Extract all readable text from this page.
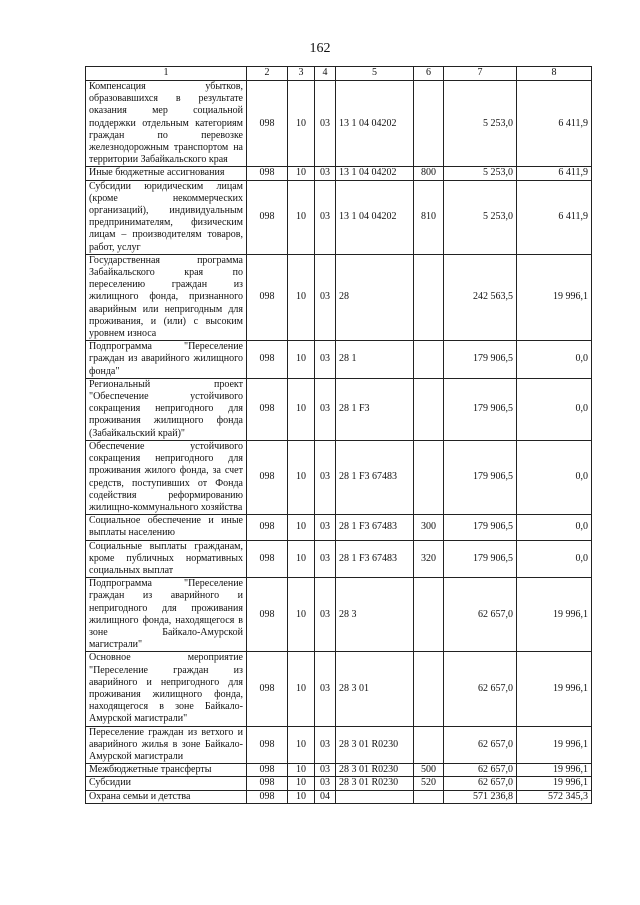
162
1	2	3	4	5	6	7	8
Компенсация убытков, образовавшихся в результате оказания мер социальной поддержки отдельным категориям граждан по перевозке железнодорожным транспортом на территории Забайкальского края	098	10	03	13 1 04 04202		5 253,0	6 411,9
Иные бюджетные ассигнования	098	10	03	13 1 04 04202	800	5 253,0	6 411,9
Субсидии юридическим лицам (кроме некоммерческих организаций), индивидуальным предпринимателям, физическим лицам – производителям товаров, работ, услуг	098	10	03	13 1 04 04202	810	5 253,0	6 411,9
Государственная программа Забайкальского края по переселению граждан из жилищного фонда, признанного аварийным или непригодным для проживания, и (или) с высоким уровнем износа	098	10	03	28		242 563,5	19 996,1
Подпрограмма "Переселение граждан из аварийного жилищного фонда"	098	10	03	28 1		179 906,5	0,0
Региональный проект "Обеспечение устойчивого сокращения непригодного для проживания жилищного фонда (Забайкальский край)"	098	10	03	28 1 F3		179 906,5	0,0
Обеспечение устойчивого сокращения непригодного для проживания жилого фонда, за счет средств, поступивших от Фонда содействия реформированию жилищно-коммунального хозяйства	098	10	03	28 1 F3 67483		179 906,5	0,0
Социальное обеспечение и иные выплаты населению	098	10	03	28 1 F3 67483	300	179 906,5	0,0
Социальные выплаты гражданам, кроме публичных нормативных социальных выплат	098	10	03	28 1 F3 67483	320	179 906,5	0,0
Подпрограмма "Переселение граждан из аварийного и непригодного для проживания жилищного фонда, находящегося в зоне Байкало-Амурской магистрали"	098	10	03	28 3		62 657,0	19 996,1
Основное мероприятие "Переселение граждан из аварийного и непригодного для проживания жилищного фонда, находящегося в зоне Байкало-Амурской магистрали"	098	10	03	28 3 01		62 657,0	19 996,1
Переселение граждан из ветхого и аварийного жилья в зоне Байкало-Амурской магистрали	098	10	03	28 3 01 R0230		62 657,0	19 996,1
Межбюджетные трансферты	098	10	03	28 3 01 R0230	500	62 657,0	19 996,1
Субсидии	098	10	03	28 3 01 R0230	520	62 657,0	19 996,1
Охрана семьи и детства	098	10	04			571 236,8	572 345,3
